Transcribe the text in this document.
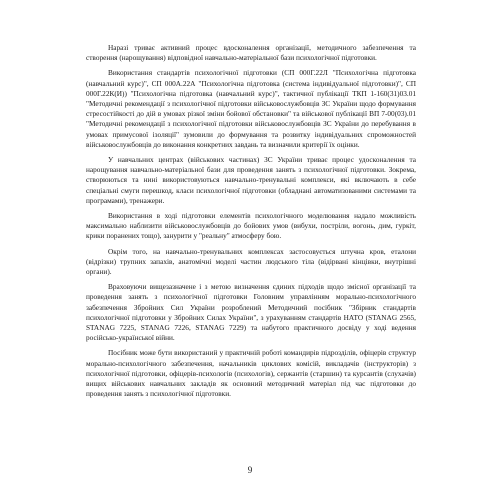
Наразі триває активний процес вдосконалення організації, методичного забезпечення та створення (нарощування) відповідної навчально-матеріальної бази психологічної підготовки.

Використання стандартів психологічної підготовки (СП 000Г.22Л "Психологічна підготовка (навчальний курс)", СП 000А.22А "Психологічна підготовка (система індивідуальної підготовки)", СП 000Г.22К(И)) "Психологічна підготовка (навчальний курс)", тактичної публікації ТКП 1-160(31)03.01 "Методичні рекомендації з психологічної підготовки військовослужбовців ЗС України щодо формування стресостійкості до дій в умовах різкої зміни бойової обстановки" та військової публікації ВП 7-00(03).01 "Методичні рекомендації з психологічної підготовки військовослужбовців ЗС України до перебування в умовах примусової ізоляції" зумовили до формування та розвитку індивідуальних спроможностей військовослужбовців до виконання конкретних завдань та визначили критерії їх оцінки.

У навчальних центрах (військових частинах) ЗС України триває процес удосконалення та нарощування навчально-матеріальної бази для проведення занять з психологічної підготовки. Зокрема, створюються та нині використовуються навчально-тренувальні комплекси, які включають в себе спеціальні смуги перешкод, класи психологічної підготовки (обладнані автоматизованими системами та програмами), тренажери.

Використання в ході підготовки елементів психологічного моделювання надало можливість максимально наблизити військовослужбовців до бойових умов (вибухи, постріли, вогонь, дим, гуркіт, крики поранених тощо), занурити у "реальну" атмосферу бою.

Окрім того, на навчально-тренувальних комплексах застосовується штучна кров, еталони (відрізки) трупних запахів, анатомічні моделі частин людського тіла (відірвані кінцівки, внутрішні органи).

Враховуючи вищезазначене і з метою визначення єдиних підходів щодо змісної організації та проведення занять з психологічної підготовки Головним управлінням морально-психологічного забезпечення Збройних Сил України розроблений Методичний посібник "Збірник стандартів психологічної підготовки у Збройних Силах України", з урахуванням стандартів НАТО (STANAG 2565, STANAG 7225, STANAG 7226, STANAG 7229) та набутого практичного досвіду у ході ведення російсько-української війни.

Посібник може бути використаний у практичній роботі командирів підрозділів, офіцерів структур морально-психологічного забезпечення, начальників циклових комісій, викладачів (інструкторів) з психологічної підготовки, офіцерів-психологів (психологів), сержантів (старшин) та курсантів (слухачів) вищих військових навчальних закладів як основний методичний матеріал під час підготовки до проведення занять з психологічної підготовки.

9
